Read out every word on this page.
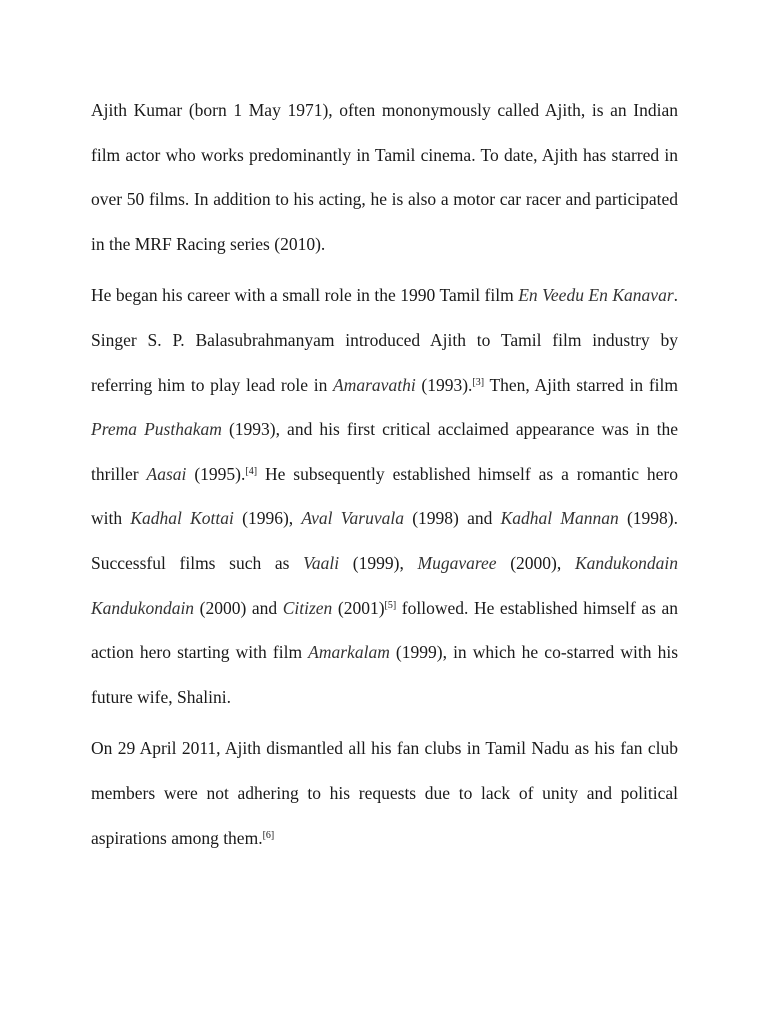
Ajith Kumar (born 1 May 1971), often mononymously called Ajith, is an Indian film actor who works predominantly in Tamil cinema. To date, Ajith has starred in over 50 films. In addition to his acting, he is also a motor car racer and participated in the MRF Racing series (2010).

He began his career with a small role in the 1990 Tamil film En Veedu En Kanavar. Singer S. P. Balasubrahmanyam introduced Ajith to Tamil film industry by referring him to play lead role in Amaravathi (1993).[3] Then, Ajith starred in film Prema Pusthakam (1993), and his first critical acclaimed appearance was in the thriller Aasai (1995).[4] He subsequently established himself as a romantic hero with Kadhal Kottai (1996), Aval Varuvala (1998) and Kadhal Mannan (1998). Successful films such as Vaali (1999), Mugavaree (2000), Kandukondain Kandukondain (2000) and Citizen (2001)[5] followed. He established himself as an action hero starting with film Amarkalam (1999), in which he co-starred with his future wife, Shalini.

On 29 April 2011, Ajith dismantled all his fan clubs in Tamil Nadu as his fan club members were not adhering to his requests due to lack of unity and political aspirations among them.[6]
